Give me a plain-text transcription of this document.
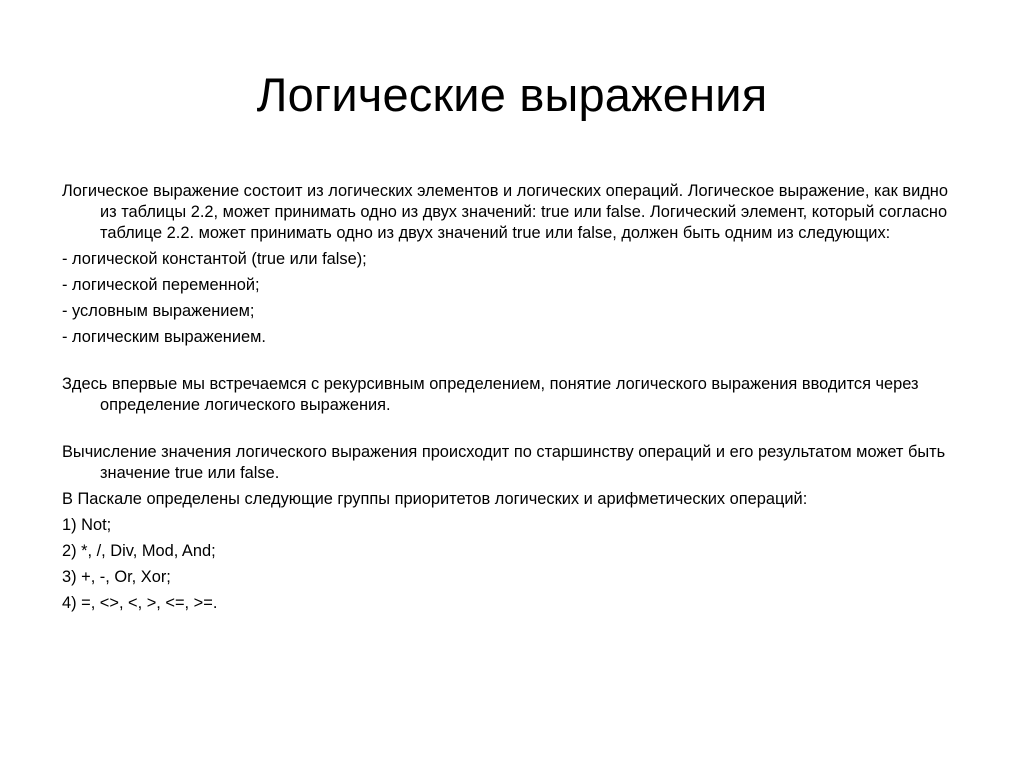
Логические выражения

Логическое выражение состоит из логических элементов и логических операций. Логическое выражение, как видно из таблицы 2.2, может принимать одно из двух значений: true или false. Логический элемент, который согласно таблице 2.2. может принимать одно из двух значений true или false, должен быть одним из следующих:

- логической константой (true или false);

- логической переменной;

- условным выражением;

- логическим выражением.

Здесь впервые мы встречаемся с рекурсивным определением, понятие логического выражения вводится через определение логического выражения.

Вычисление значения логического выражения происходит по старшинству операций и его результатом может быть значение true или false.

В Паскале определены следующие группы приоритетов логических и арифметических операций:

1) Not;

2) *, /, Div, Mod, And;

3) +, -, Or, Xor;

4) =, <>, <, >, <=, >=.
